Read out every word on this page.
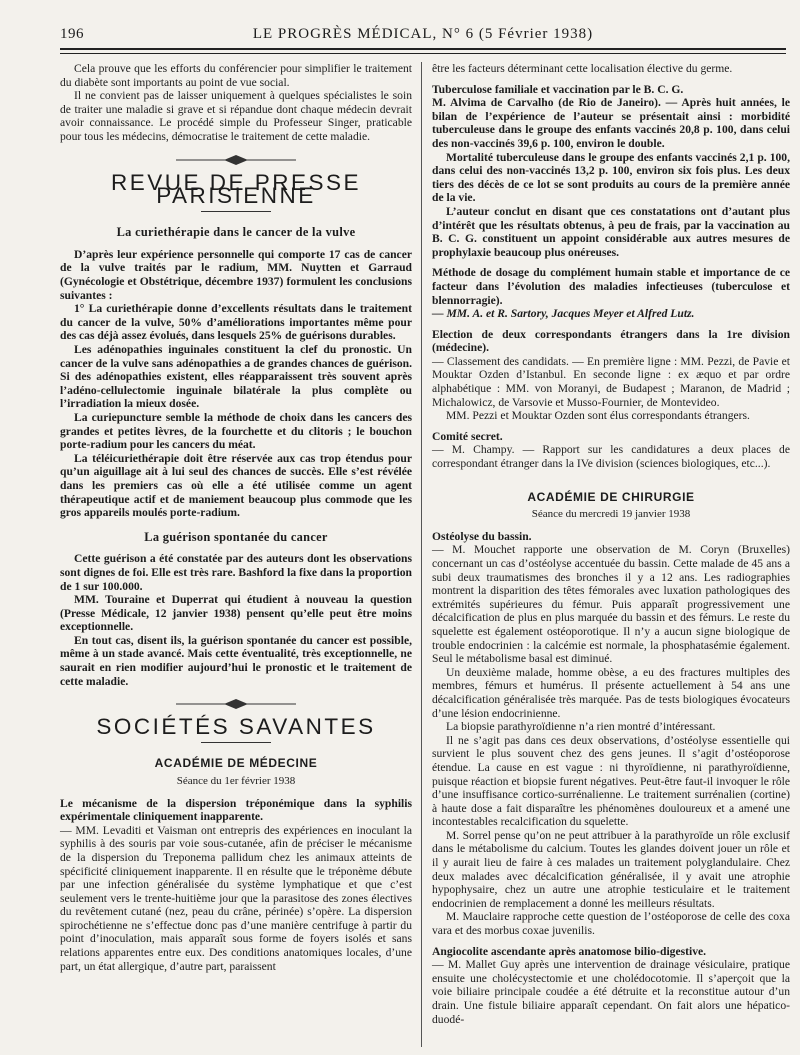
196	LE PROGRÈS MÉDICAL, N° 6 (5 Février 1938)

Cela prouve que les efforts du conférencier pour simplifier le traitement du diabète sont importants au point de vue social.

Il ne convient pas de laisser uniquement à quelques spécialistes le soin de traiter une maladie si grave et si répandue dont chaque médecin devrait avoir connaissance. Le procédé simple du Professeur Singer, praticable pour tous les médecins, démocratise le traitement de cette maladie.

REVUE DE PRESSE PARISIENNE
La curiethérapie dans le cancer de la vulve

D’après leur expérience personnelle qui comporte 17 cas de cancer de la vulve traités par le radium, MM. Nuytten et Garraud (Gynécologie et Obstétrique, décembre 1937) formulent les conclusions suivantes :

1° La curiethérapie donne d’excellents résultats dans le traitement du cancer de la vulve, 50% d’améliorations importantes même pour des cas déjà assez évolués, dans lesquels 25% de guérisons durables.

Les adénopathies inguinales constituent la clef du pronostic. Un cancer de la vulve sans adénopathies a de grandes chances de guérison. Si des adénopathies existent, elles réapparaissent très souvent après l’adéno-cellulectomie inguinale bilatérale la plus complète ou l’irradiation la mieux dosée.

La curiepuncture semble la méthode de choix dans les cancers des grandes et petites lèvres, de la fourchette et du clitoris ; le bouchon porte-radium pour les cancers du méat.

La téléicuriethérapie doit être réservée aux cas trop étendus pour qu’un aiguillage ait à lui seul des chances de succès. Elle s’est révélée dans les premiers cas où elle a été utilisée comme un agent thérapeutique actif et de maniement beaucoup plus commode que les gros appareils moulés porte-radium.

La guérison spontanée du cancer

Cette guérison a été constatée par des auteurs dont les observations sont dignes de foi. Elle est très rare. Bashford la fixe dans la proportion de 1 sur 100.000.

MM. Touraine et Duperrat qui étudient à nouveau la question (Presse Médicale, 12 janvier 1938) pensent qu’elle peut être moins exceptionnelle.

En tout cas, disent ils, la guérison spontanée du cancer est possible, même à un stade avancé. Mais cette éventualité, très exceptionnelle, ne saurait en rien modifier aujourd’hui le pronostic et le traitement de cette maladie.

SOCIÉTÉS SAVANTES
ACADÉMIE DE MÉDECINE
Séance du 1er février 1938

Le mécanisme de la dispersion tréponémique dans la syphilis expérimentale cliniquement inapparente.

— MM. Levaditi et Vaisman ont entrepris des expériences en inoculant la syphilis à des souris par voie sous-cutanée, afin de préciser le mécanisme de la dispersion du Treponema pallidum chez les animaux atteints de spécificité cliniquement inapparente. Il en résulte que le tréponème débute par une infection généralisée du système lymphatique et que c’est seulement vers le trente-huitième jour que la parasitose des zones électives du revêtement cutané (nez, peau du crâne, périnée) s’opère. La dispersion spirochétienne ne s’effectue donc pas d’une manière centrifuge à partir du point d’inoculation, mais apparaît sous forme de foyers isolés et sans relations apparentes entre eux. Des conditions anatomiques locales, d’une part, un état allergique, d’autre part, paraissent

être les facteurs déterminant cette localisation élective du germe.

Tuberculose familiale et vaccination par le B. C. G.

M. Alvima de Carvalho (de Rio de Janeiro). — Après huit années, le bilan de l’expérience de l’auteur se présentait ainsi : morbidité tuberculeuse dans le groupe des enfants vaccinés 20,8 p. 100, dans celui des non-vaccinés 39,6 p. 100, environ le double.

Mortalité tuberculeuse dans le groupe des enfants vaccinés 2,1 p. 100, dans celui des non-vaccinés 13,2 p. 100, environ six fois plus. Les deux tiers des décès de ce lot se sont produits au cours de la première année de la vie.

L’auteur conclut en disant que ces constatations ont d’autant plus d’intérêt que les résultats obtenus, à peu de frais, par la vaccination au B. C. G. constituent un appoint considérable aux autres mesures de prophylaxie beaucoup plus onéreuses.

Méthode de dosage du complément humain stable et importance de ce facteur dans l’évolution des maladies infectieuses (tuberculose et blennorragie).

— MM. A. et R. Sartory, Jacques Meyer et Alfred Lutz.

Election de deux correspondants étrangers dans la 1re division (médecine).

— Classement des candidats. — En première ligne : MM. Pezzi, de Pavie et Mouktar Ozden d’Istanbul. En seconde ligne : ex æquo et par ordre alphabétique : MM. von Moranyi, de Budapest ; Maranon, de Madrid ; Michalowicz, de Varsovie et Musso-Fournier, de Montevideo.

MM. Pezzi et Mouktar Ozden sont élus correspondants étrangers.

Comité secret.

— M. Champy. — Rapport sur les candidatures a deux places de correspondant étranger dans la IVe division (sciences biologiques, etc...).

ACADÉMIE DE CHIRURGIE
Séance du mercredi 19 janvier 1938

Ostéolyse du bassin.

— M. Mouchet rapporte une observation de M. Coryn (Bruxelles) concernant un cas d’ostéolyse accentuée du bassin. Cette malade de 45 ans a subi deux traumatismes des bronches il y a 12 ans. Les radiographies montrent la disparition des têtes fémorales avec luxation pathologiques des extrémités supérieures du fémur. Puis apparaît progressivement une décalcification de plus en plus marquée du bassin et des fémurs. Le reste du squelette est également ostéoporotique. Il n’y a aucun signe biologique de trouble endocrinien : la calcémie est normale, la phosphatasémie également. Seul le métabolisme basal est diminué.

Un deuxième malade, homme obèse, a eu des fractures multiples des membres, fémurs et humérus. Il présente actuellement à 54 ans une décalcification généralisée très marquée. Pas de tests biologiques évocateurs d’une lésion endocrinienne.

La biopsie parathyroïdienne n’a rien montré d’intéressant.

Il ne s’agit pas dans ces deux observations, d’ostéolyse essentielle qui survient le plus souvent chez des gens jeunes. Il s’agit d’ostéoporose étendue. La cause en est vague : ni thyroïdienne, ni parathyroïdienne, puisque réaction et biopsie furent négatives. Peut-être faut-il invoquer le rôle d’une insuffisance cortico-surrénalienne. Le traitement surrénalien (cortine) à haute dose a fait disparaître les phénomènes douloureux et a amené une incontestables recalcification du squelette.

M. Sorrel pense qu’on ne peut attribuer à la parathyroïde un rôle exclusif dans le métabolisme du calcium. Toutes les glandes doivent jouer un rôle et il y aurait lieu de faire à ces malades un traitement polyglandulaire. Chez deux malades avec décalcification généralisée, il y avait une atrophie hypophysaire, chez un autre une atrophie testiculaire et le traitement endocrinien de remplacement a donné les meilleurs résultats.

M. Mauclaire rapproche cette question de l’ostéoporose de celle des coxa vara et des morbus coxae juvenilis.

Angiocolite ascendante après anatomose bilio-digestive.

— M. Mallet Guy après une intervention de drainage vésiculaire, pratique ensuite une cholécystectomie et une cholédocotomie. Il s’aperçoit que la voie biliaire principale coudée a été détruite et la reconstitue autour d’un drain. Une fistule biliaire apparaît cependant. On fait alors une hépatico-duodé-
